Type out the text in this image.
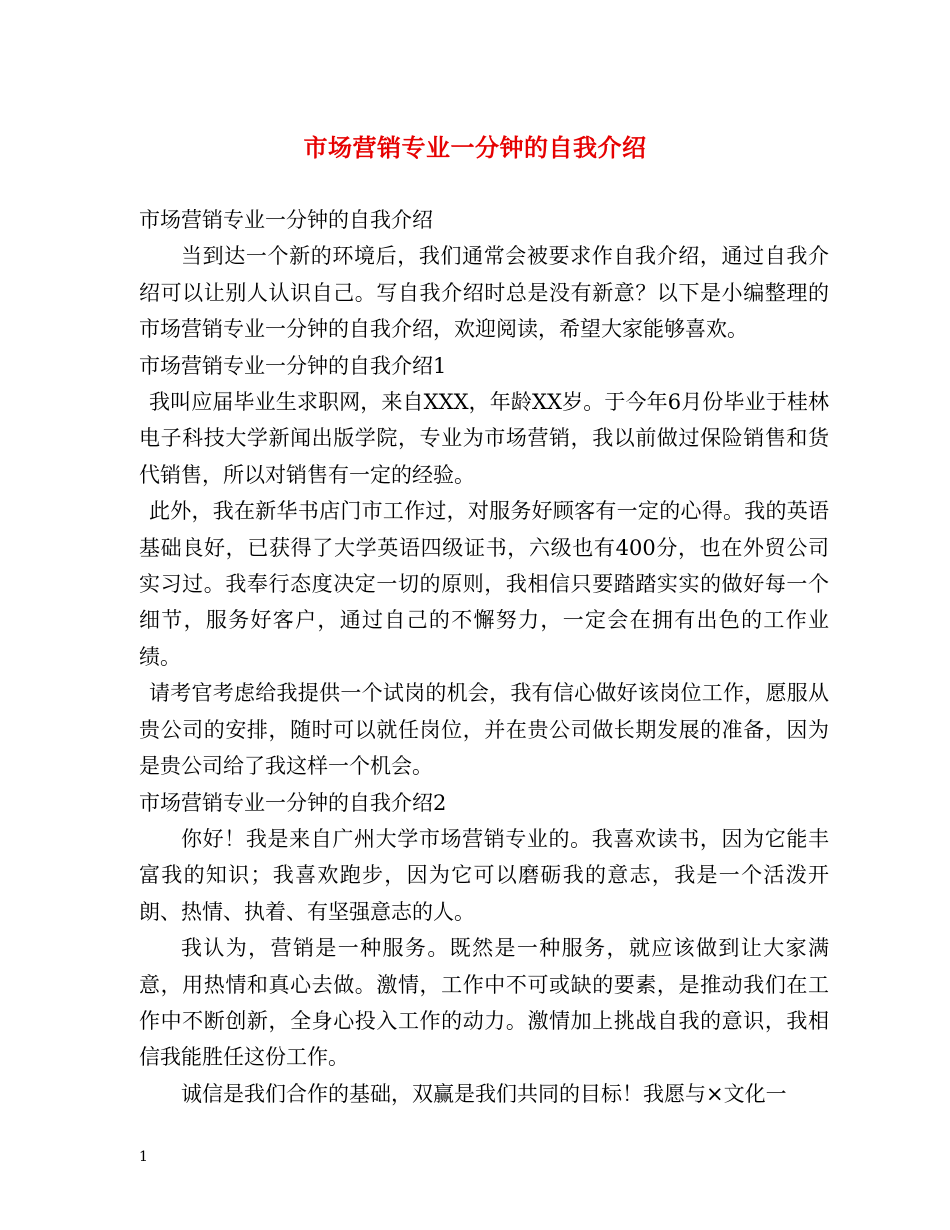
市场营销专业一分钟的自我介绍

市场营销专业一分钟的自我介绍

当到达一个新的环境后，我们通常会被要求作自我介绍，通过自我介绍可以让别人认识自己。写自我介绍时总是没有新意？以下是小编整理的市场营销专业一分钟的自我介绍，欢迎阅读，希望大家能够喜欢。

市场营销专业一分钟的自我介绍1

我叫应届毕业生求职网，来自XXX，年龄XX岁。于今年6月份毕业于桂林电子科技大学新闻出版学院，专业为市场营销，我以前做过保险销售和货代销售，所以对销售有一定的经验。

此外，我在新华书店门市工作过，对服务好顾客有一定的心得。我的英语基础良好，已获得了大学英语四级证书，六级也有400分，也在外贸公司实习过。我奉行态度决定一切的原则，我相信只要踏踏实实的做好每一个细节，服务好客户，通过自己的不懈努力，一定会在拥有出色的工作业绩。

请考官考虑给我提供一个试岗的机会，我有信心做好该岗位工作，愿服从贵公司的安排，随时可以就任岗位，并在贵公司做长期发展的准备，因为是贵公司给了我这样一个机会。

市场营销专业一分钟的自我介绍2

你好！我是来自广州大学市场营销专业的。我喜欢读书，因为它能丰富我的知识；我喜欢跑步，因为它可以磨砺我的意志，我是一个活泼开朗、热情、执着、有坚强意志的人。

我认为，营销是一种服务。既然是一种服务，就应该做到让大家满意，用热情和真心去做。激情，工作中不可或缺的要素，是推动我们在工作中不断创新，全身心投入工作的动力。激情加上挑战自我的意识，我相信我能胜任这份工作。

诚信是我们合作的基础，双赢是我们共同的目标！我愿与×文化一

1
